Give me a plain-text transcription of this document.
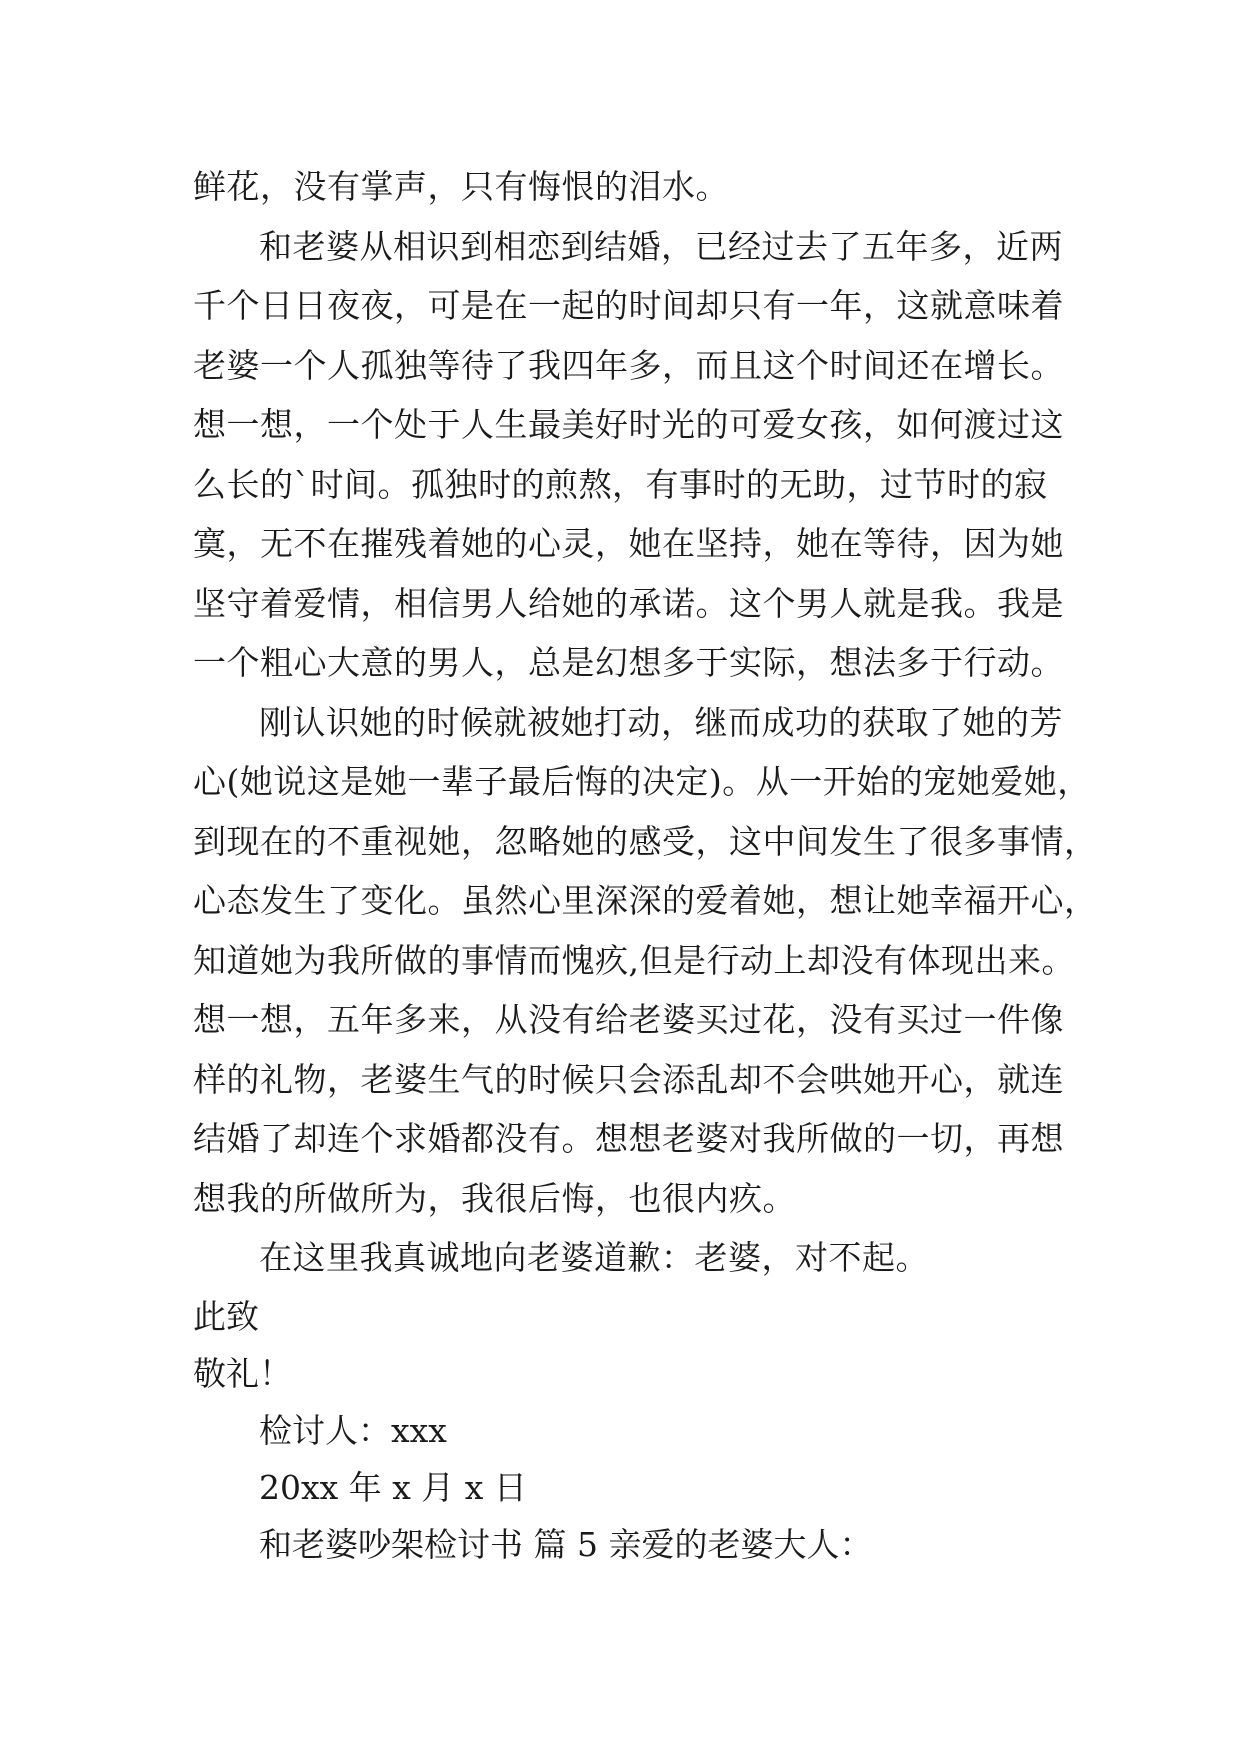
鲜花，没有掌声，只有悔恨的泪水。
和老婆从相识到相恋到结婚，已经过去了五年多，近两
千个日日夜夜，可是在一起的时间却只有一年，这就意味着
老婆一个人孤独等待了我四年多，而且这个时间还在增长。
想一想，一个处于人生最美好时光的可爱女孩，如何渡过这
么长的`时间。孤独时的煎熬，有事时的无助，过节时的寂
寞，无不在摧残着她的心灵，她在坚持，她在等待，因为她
坚守着爱情，相信男人给她的承诺。这个男人就是我。我是
一个粗心大意的男人，总是幻想多于实际，想法多于行动。
刚认识她的时候就被她打动，继而成功的获取了她的芳
心(她说这是她一辈子最后悔的决定)。从一开始的宠她爱她，
到现在的不重视她，忽略她的感受，这中间发生了很多事情，
心态发生了变化。虽然心里深深的爱着她，想让她幸福开心，
知道她为我所做的事情而愧疚,但是行动上却没有体现出来。
想一想，五年多来，从没有给老婆买过花，没有买过一件像
样的礼物，老婆生气的时候只会添乱却不会哄她开心，就连
结婚了却连个求婚都没有。想想老婆对我所做的一切，再想
想我的所做所为，我很后悔，也很内疚。
在这里我真诚地向老婆道歉：老婆，对不起。
此致
敬礼！
检讨人：xxx
20xx 年 x 月 x 日
和老婆吵架检讨书 篇 5 亲爱的老婆大人：
